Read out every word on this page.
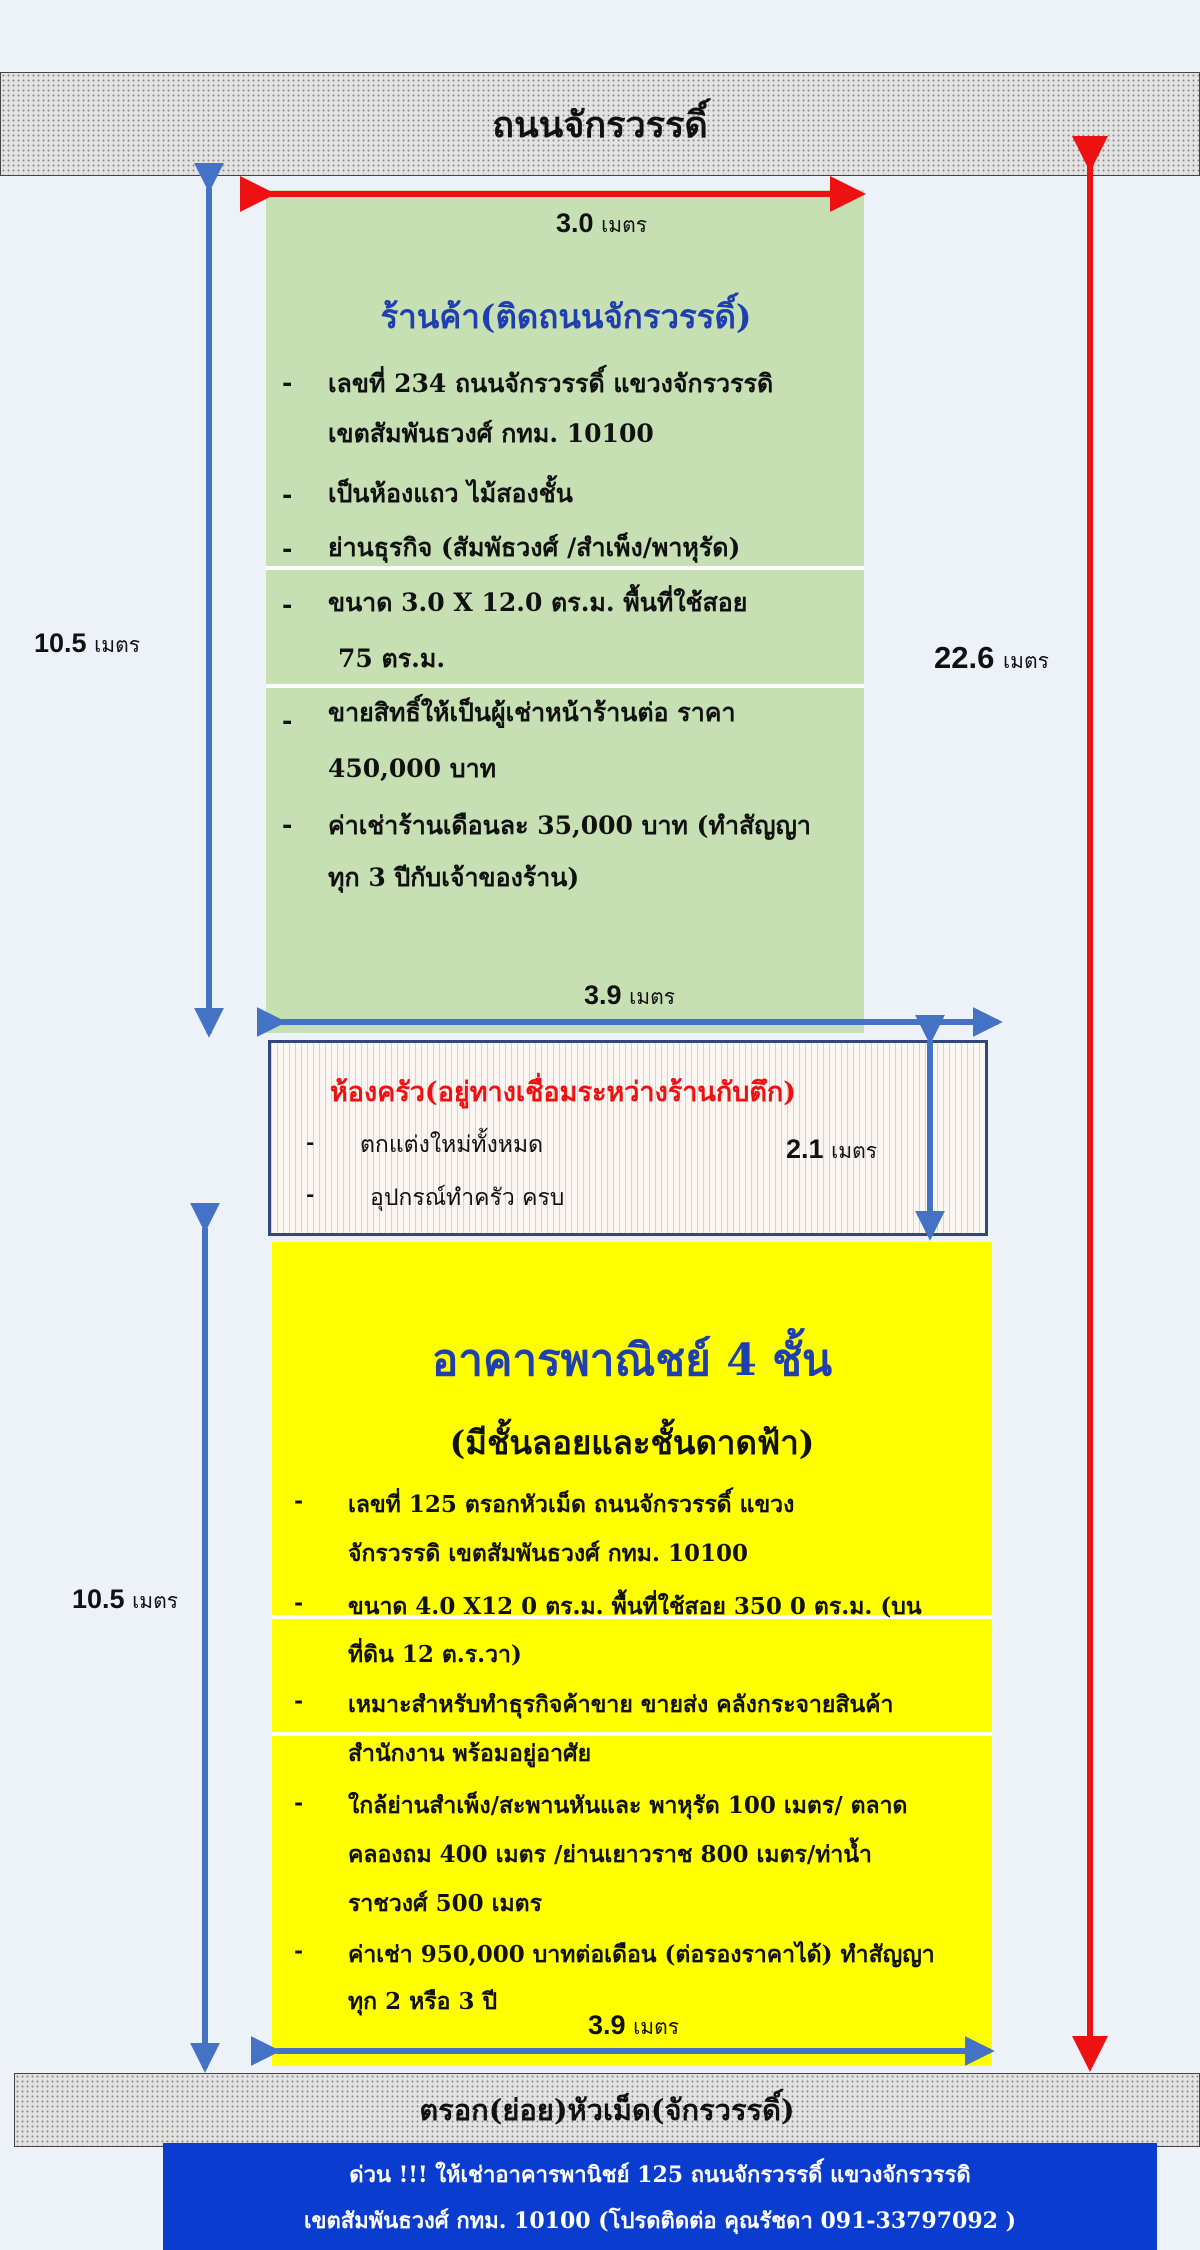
ถนนจักรวรรดิ์
ตรอก(ย่อย)หัวเม็ด(จักรวรรดิ์)
ร้านค้า(ติดถนนจักรวรรดิ์)
- เลขที่ 234 ถนนจักรวรรดิ์ แขวงจักรวรรดิ
เขตสัมพันธวงศ์ กทม. 10100
- เป็นห้องแถว ไม้สองชั้น
- ย่านธุรกิจ (สัมพัธวงศ์ /สำเพ็ง/พาหุรัด)
- ขนาด 3.0 X 12.0 ตร.ม. พื้นที่ใช้สอย
75 ตร.ม.
- ขายสิทธิ์ให้เป็นผู้เช่าหน้าร้านต่อ ราคา
450,000 บาท
- ค่าเช่าร้านเดือนละ 35,000 บาท (ทำสัญญา
ทุก 3 ปีกับเจ้าของร้าน)
ห้องครัว(อยู่ทางเชื่อมระหว่างร้านกับตึก)
- ตกแต่งใหม่ทั้งหมด
- อุปกรณ์ทำครัว ครบ
อาคารพาณิชย์ 4 ชั้น
(มีชั้นลอยและชั้นดาดฟ้า)
- เลขที่ 125 ตรอกหัวเม็ด ถนนจักรวรรดิ์ แขวง
จักรวรรดิ เขตสัมพันธวงศ์ กทม. 10100
- ขนาด 4.0 X12 0 ตร.ม. พื้นที่ใช้สอย 350 0 ตร.ม. (บน
ที่ดิน 12 ต.ร.วา)
- เหมาะสำหรับทำธุรกิจค้าขาย ขายส่ง คลังกระจายสินค้า
สำนักงาน พร้อมอยู่อาศัย
- ใกล้ย่านสำเพ็ง/สะพานหันและ พาหุรัด 100 เมตร/ ตลาด
คลองถม 400 เมตร /ย่านเยาวราช 800 เมตร/ท่าน้ำ
ราชวงศ์ 500 เมตร
- ค่าเช่า 950,000 บาทต่อเดือน (ต่อรองราคาได้) ทำสัญญา
ทุก 2 หรือ 3 ปี
3.0 เมตร
10.5 เมตร	22.6 เมตร
3.9 เมตร
2.1 เมตร
10.5 เมตร
3.9 เมตร
ด่วน !!! ให้เช่าอาคารพานิชย์ 125 ถนนจักรวรรดิ์ แขวงจักรวรรดิ
เขตสัมพันธวงศ์ กทม. 10100 (โปรดติดต่อ คุณรัชดา 091-33797092 )
